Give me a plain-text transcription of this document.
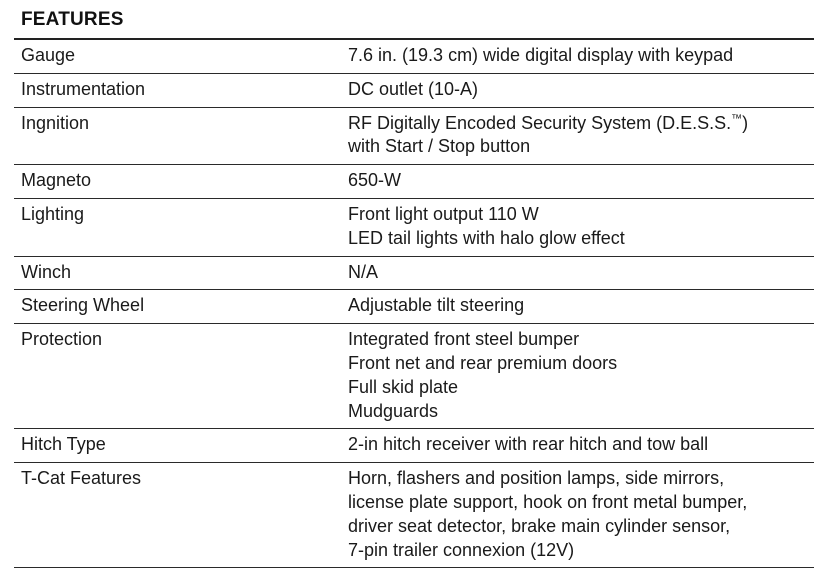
FEATURES
Gauge	7.6 in. (19.3 cm) wide digital display with keypad

Instrumentation	DC outlet (10-A)

Ingnition	RF Digitally Encoded Security System (D.E.S.S.™)
with Start / Stop button

Magneto	650-W

Lighting	Front light output 110 W
LED tail lights with halo glow effect

Winch	N/A

Steering Wheel	Adjustable tilt steering

Protection	Integrated front steel bumper
Front net and rear premium doors
Full skid plate
Mudguards

Hitch Type	2-in hitch receiver with rear hitch and tow ball

T-Cat Features	Horn, flashers and position lamps, side mirrors,
license plate support, hook on front metal bumper,
driver seat detector, brake main cylinder sensor,
7-pin trailer connexion (12V)
